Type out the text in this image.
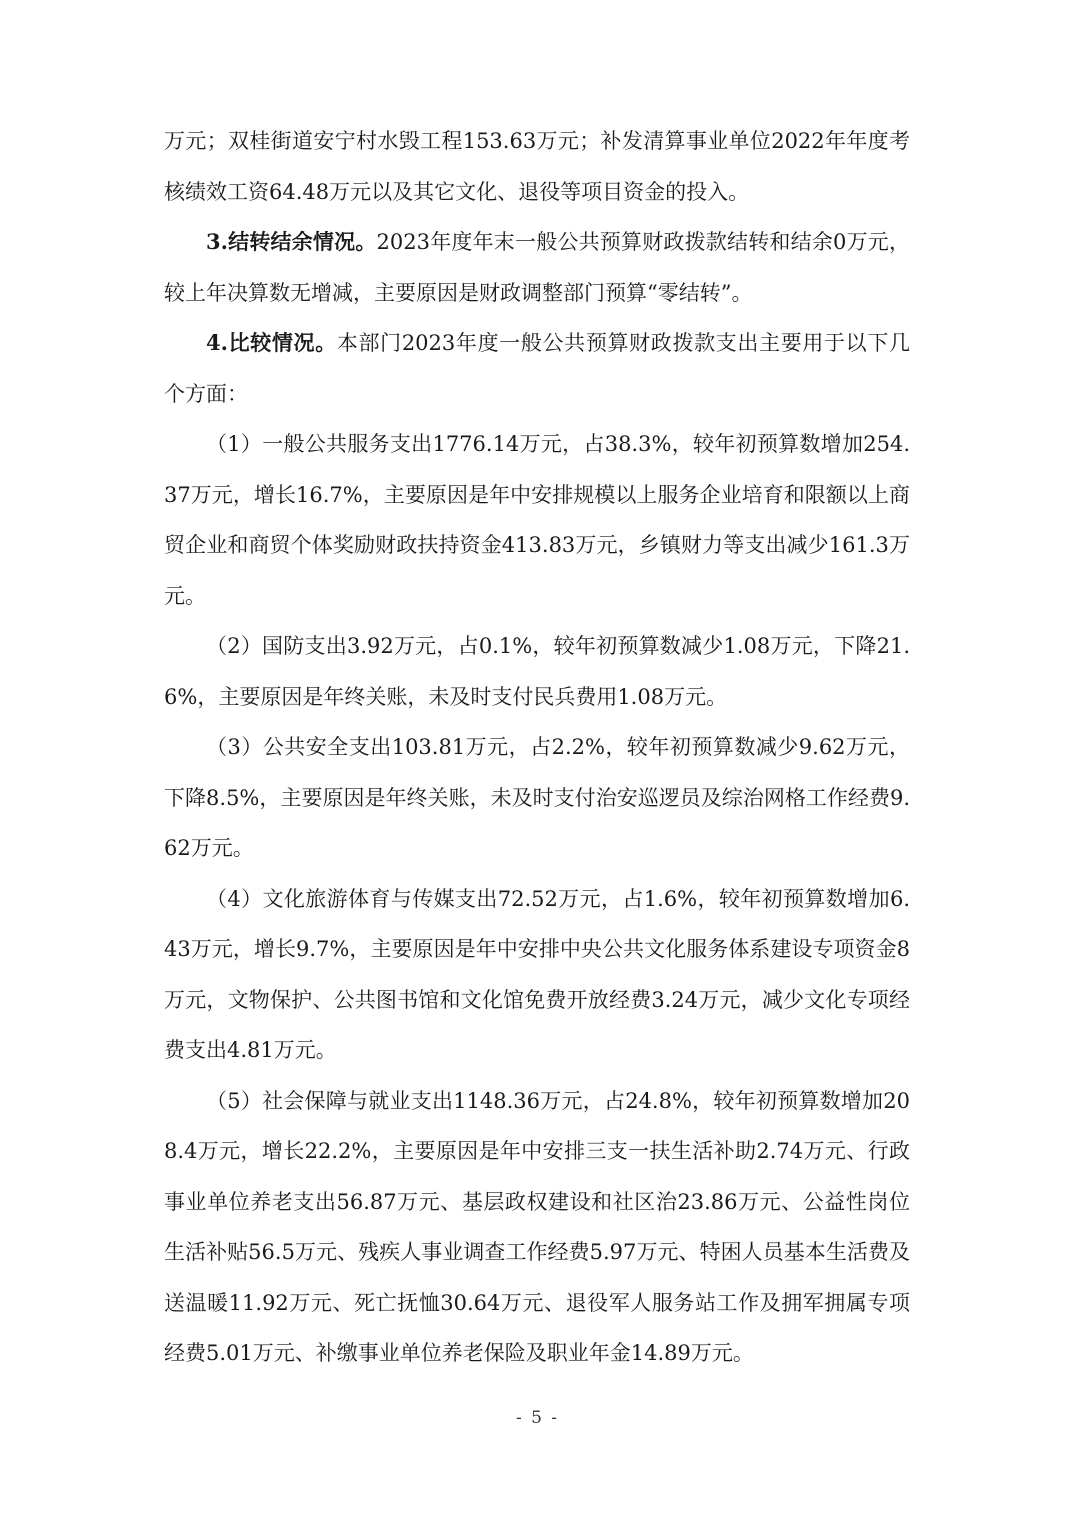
万元；双桂街道安宁村水毁工程153.63万元；补发清算事业单位2022年年度考核绩效工资64.48万元以及其它文化、退役等项目资金的投入。

3.结转结余情况。2023年度年末一般公共预算财政拨款结转和结余0万元，较上年决算数无增减，主要原因是财政调整部门预算“零结转”。

4.比较情况。本部门2023年度一般公共预算财政拨款支出主要用于以下几个方面：

（1）一般公共服务支出1776.14万元，占38.3%，较年初预算数增加254.37万元，增长16.7%，主要原因是年中安排规模以上服务企业培育和限额以上商贸企业和商贸个体奖励财政扶持资金413.83万元，乡镇财力等支出减少161.3万元。

（2）国防支出3.92万元，占0.1%，较年初预算数减少1.08万元，下降21.6%，主要原因是年终关账，未及时支付民兵费用1.08万元。

（3）公共安全支出103.81万元，占2.2%，较年初预算数减少9.62万元，下降8.5%，主要原因是年终关账，未及时支付治安巡逻员及综治网格工作经费9.62万元。

（4）文化旅游体育与传媒支出72.52万元，占1.6%，较年初预算数增加6.43万元，增长9.7%，主要原因是年中安排中央公共文化服务体系建设专项资金8万元，文物保护、公共图书馆和文化馆免费开放经费3.24万元，减少文化专项经费支出4.81万元。

（5）社会保障与就业支出1148.36万元，占24.8%，较年初预算数增加208.4万元，增长22.2%，主要原因是年中安排三支一扶生活补助2.74万元、行政事业单位养老支出56.87万元、基层政权建设和社区治23.86万元、公益性岗位生活补贴56.5万元、残疾人事业调查工作经费5.97万元、特困人员基本生活费及送温暖11.92万元、死亡抚恤30.64万元、退役军人服务站工作及拥军拥属专项经费5.01万元、补缴事业单位养老保险及职业年金14.89万元。

- 5 -
